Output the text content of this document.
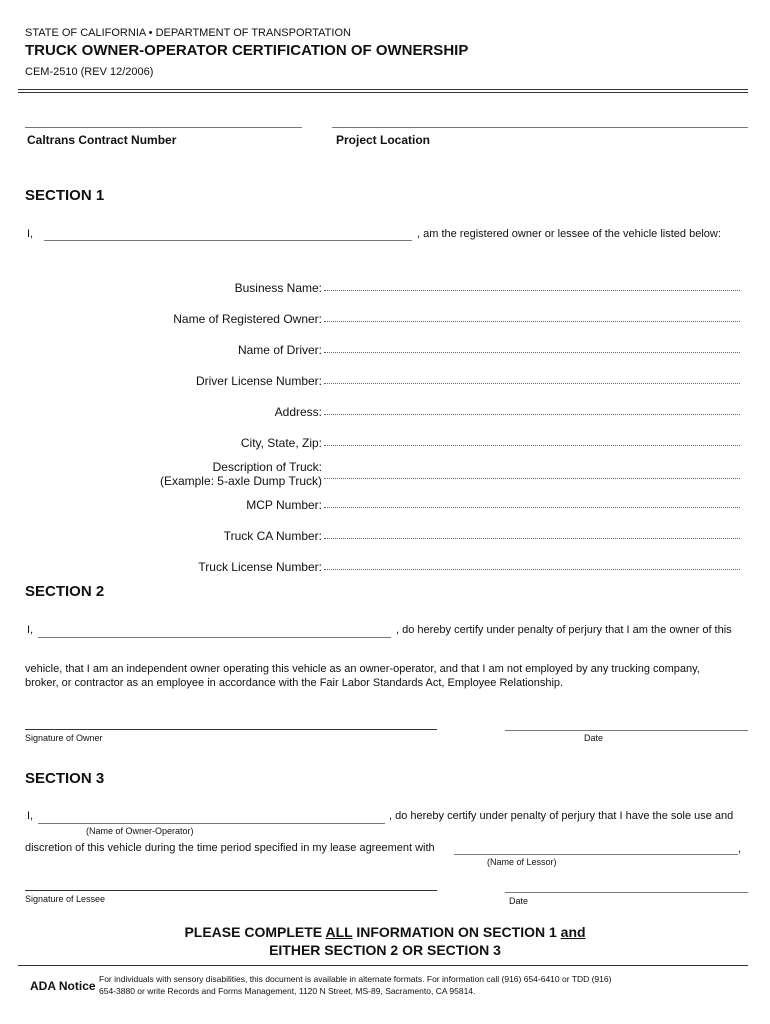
STATE OF CALIFORNIA • DEPARTMENT OF TRANSPORTATION
TRUCK OWNER-OPERATOR CERTIFICATION OF OWNERSHIP
CEM-2510 (REV 12/2006)
Caltrans Contract Number	Project Location
SECTION 1
I,	, am the registered owner or lessee of the vehicle listed below:
Business Name:
Name of Registered Owner:
Name of Driver:
Driver License Number:
Address:
City, State, Zip:
Description of Truck:
(Example: 5-axle Dump Truck)
MCP Number:
Truck CA Number:
Truck License Number:
SECTION 2
I,	, do hereby certify under penalty of perjury that I am the owner of this
vehicle, that I am an independent owner operating this vehicle as an owner-operator, and that I am not employed by any trucking company,
broker, or contractor as an employee in accordance with the Fair Labor Standards Act, Employee Relationship.
Signature of Owner	Date
SECTION 3
I,	, do hereby certify under penalty of perjury that I have the sole use and
(Name of Owner-Operator)
discretion of this vehicle during the time period specified in my lease agreement with	,
(Name of Lessor)
Signature of Lessee	Date
PLEASE COMPLETE ALL INFORMATION ON SECTION 1 and
EITHER SECTION 2 OR SECTION 3
ADA Notice For individuals with sensory disabilities, this document is available in alternate formats. For information call (916) 654-6410 or TDD (916)
654-3880 or write Records and Forms Management, 1120 N Street, MS-89, Sacramento, CA 95814.
